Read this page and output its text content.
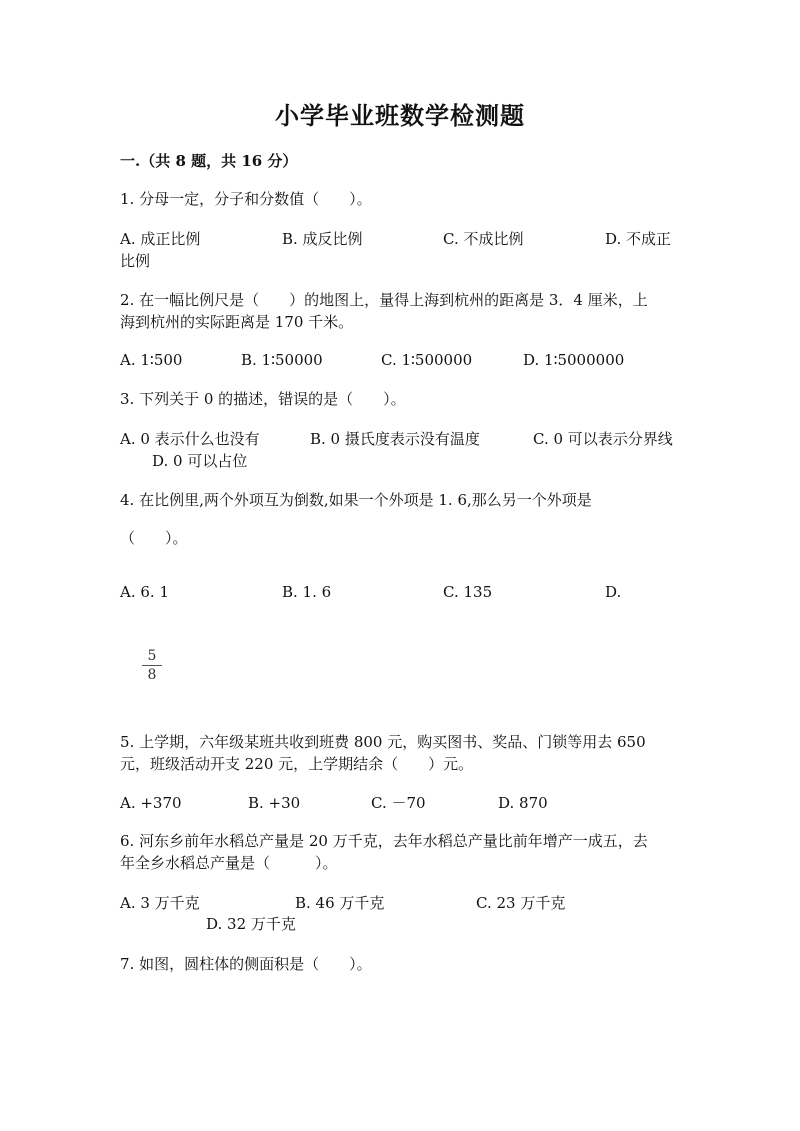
小学毕业班数学检测题
一.（共 8 题，共 16 分）
1. 分母一定，分子和分数值（　　）。
A. 成正比例	B. 成反比例	C. 不成比例	D. 不成正
比例
2. 在一幅比例尺是（　　）的地图上，量得上海到杭州的距离是 3．4 厘米，上
海到杭州的实际距离是 170 千米。
A. 1∶500	B. 1∶50000	C. 1∶500000	D. 1∶5000000
3. 下列关于 0 的描述，错误的是（　　）。
A. 0 表示什么也没有	B. 0 摄氏度表示没有温度	C. 0 可以表示分界线
D. 0 可以占位
4. 在比例里,两个外项互为倒数,如果一个外项是 1. 6,那么另一个外项是
（　　）。
A. 6. 1	B. 1. 6	C. 135	D.
5
8
5. 上学期，六年级某班共收到班费 800 元，购买图书、奖品、门锁等用去 650
元，班级活动开支 220 元，上学期结余（　　）元。
A. +370	B. +30	C. －70	D. 870
6. 河东乡前年水稻总产量是 20 万千克，去年水稻总产量比前年增产一成五，去
年全乡水稻总产量是（　　　）。
A. 3 万千克	B. 46 万千克	C. 23 万千克
D. 32 万千克
7. 如图，圆柱体的侧面积是（　　）。
